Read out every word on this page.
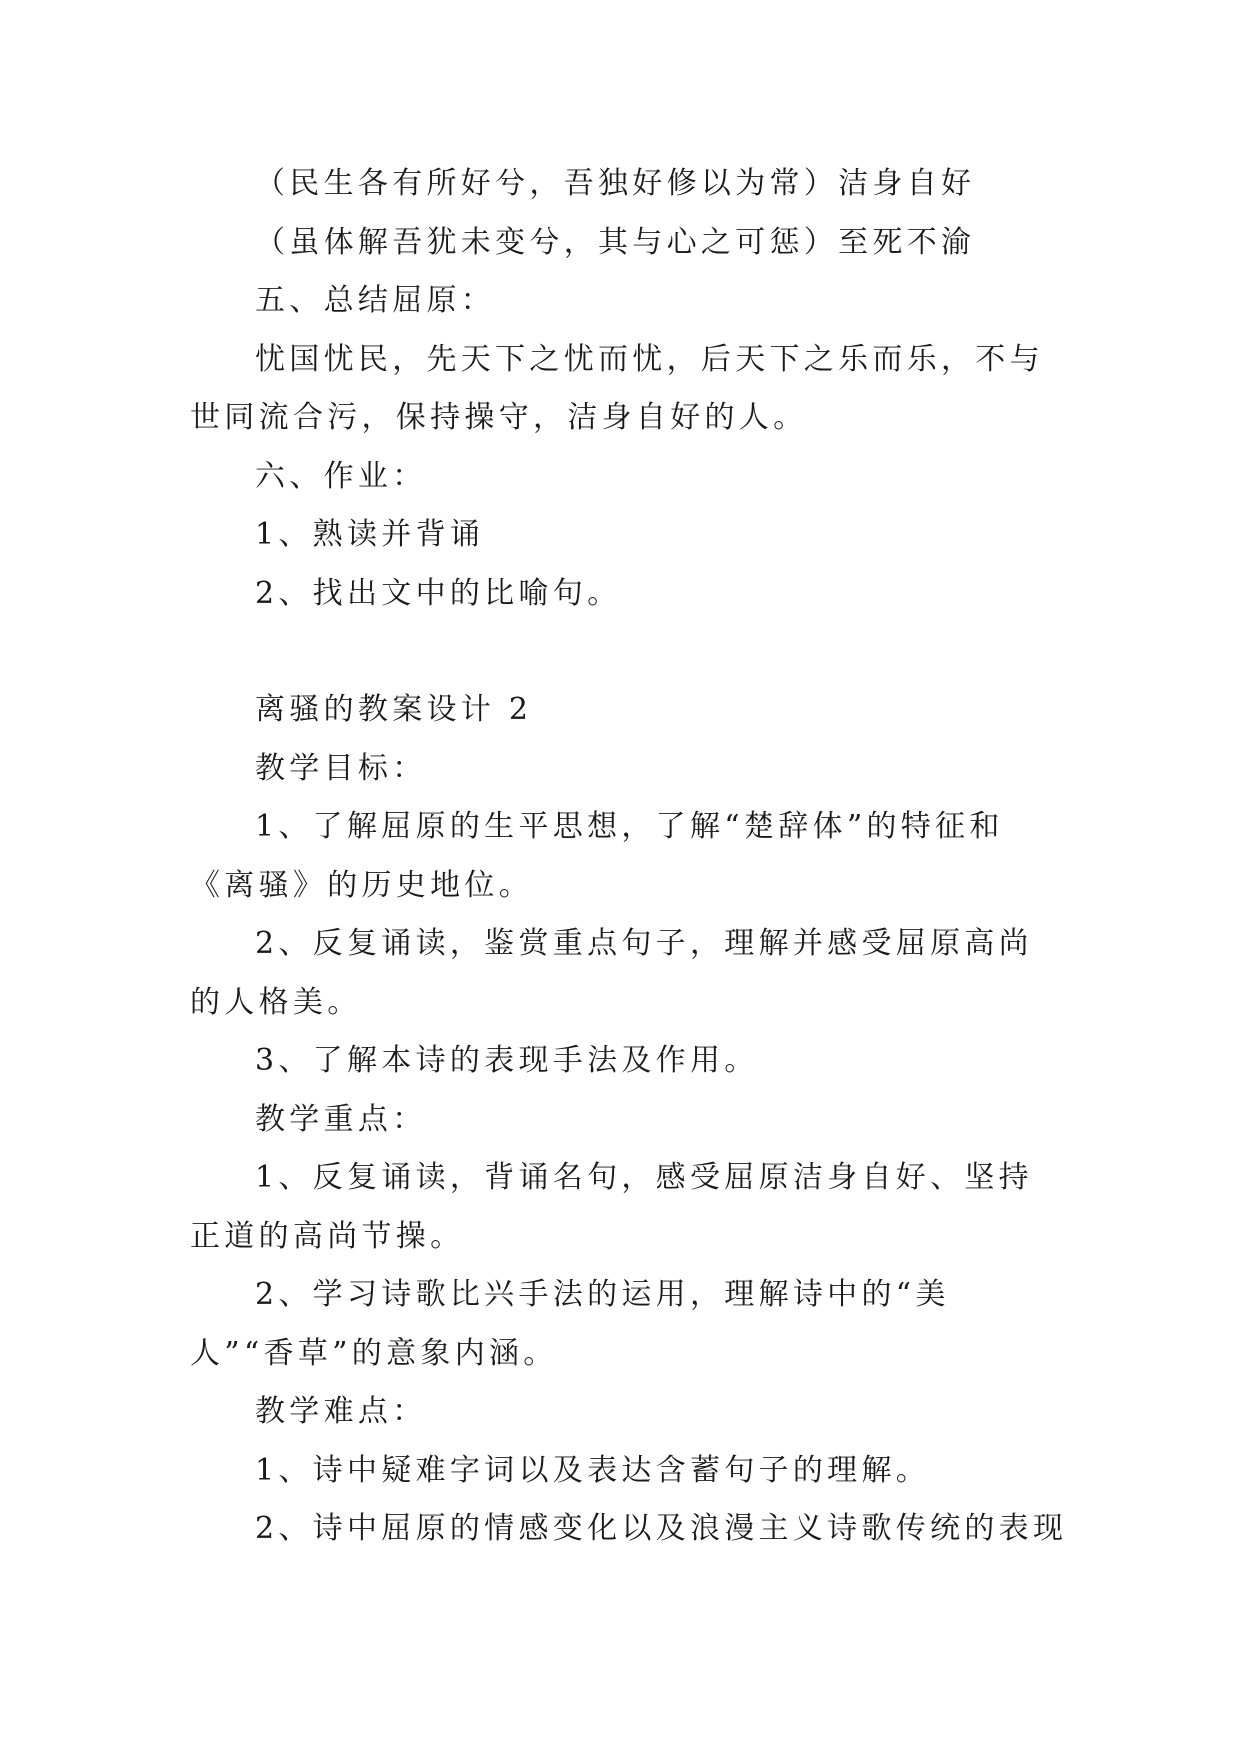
（民生各有所好兮，吾独好修以为常）洁身自好

（虽体解吾犹未变兮，其与心之可惩）至死不渝

五、总结屈原：

忧国忧民，先天下之忧而忧，后天下之乐而乐，不与世同流合污，保持操守，洁身自好的人。

六、作业：

1、熟读并背诵

2、找出文中的比喻句。

离骚的教案设计 2

教学目标：

1、了解屈原的生平思想，了解“楚辞体”的特征和《离骚》的历史地位。

2、反复诵读，鉴赏重点句子，理解并感受屈原高尚的人格美。

3、了解本诗的表现手法及作用。

教学重点：

1、反复诵读，背诵名句，感受屈原洁身自好、坚持正道的高尚节操。

2、学习诗歌比兴手法的运用，理解诗中的“美人”“香草”的意象内涵。

教学难点：

1、诗中疑难字词以及表达含蓄句子的理解。

2、诗中屈原的情感变化以及浪漫主义诗歌传统的表现
